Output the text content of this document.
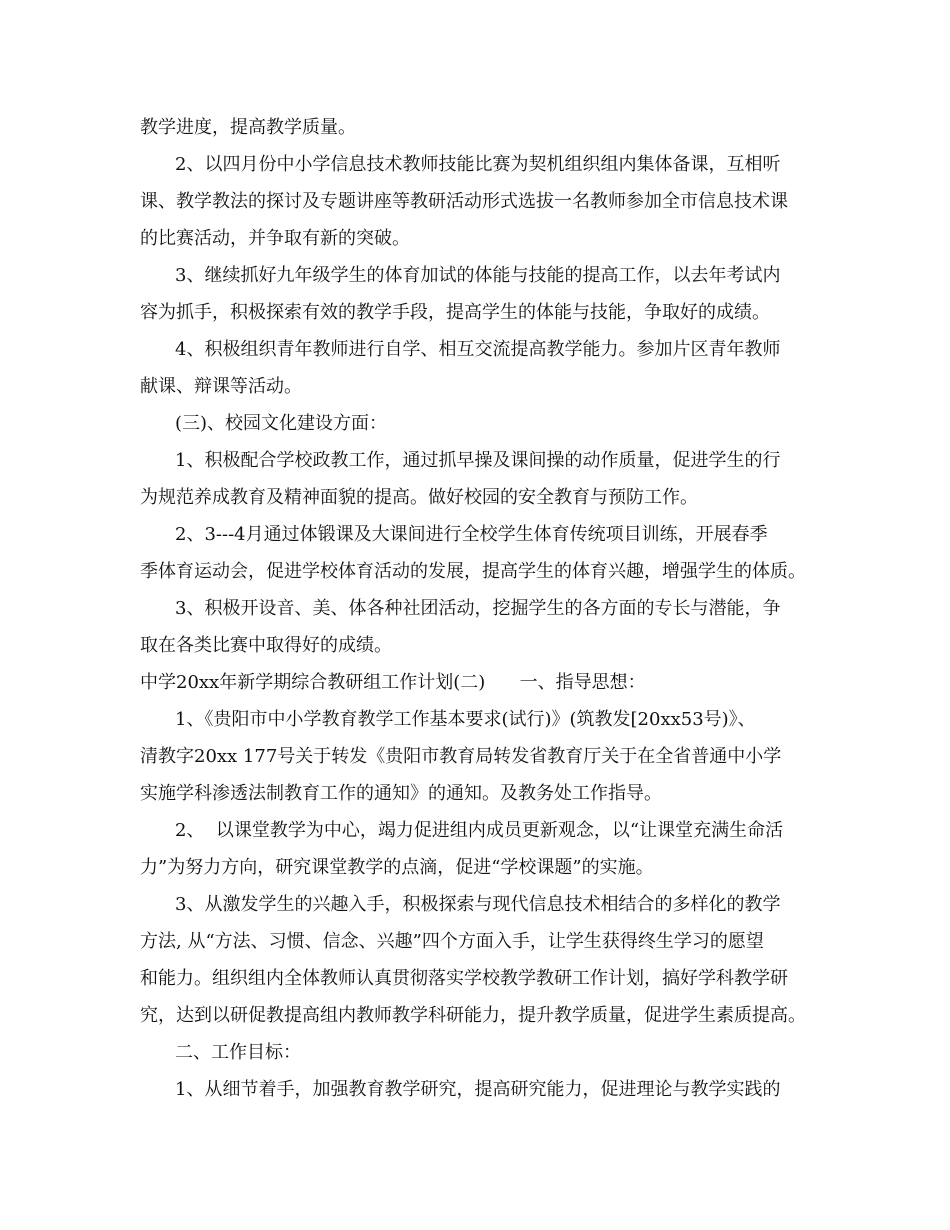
教学进度，提高教学质量。
2、以四月份中小学信息技术教师技能比赛为契机组织组内集体备课，互相听
课、教学教法的探讨及专题讲座等教研活动形式选拔一名教师参加全市信息技术课
的比赛活动，并争取有新的突破。
3、继续抓好九年级学生的体育加试的体能与技能的提高工作，以去年考试内
容为抓手，积极探索有效的教学手段，提高学生的体能与技能，争取好的成绩。
4、积极组织青年教师进行自学、相互交流提高教学能力。参加片区青年教师
献课、辩课等活动。
(三)、校园文化建设方面：
1、积极配合学校政教工作，通过抓早操及课间操的动作质量，促进学生的行
为规范养成教育及精神面貌的提高。做好校园的安全教育与预防工作。
2、3---4月通过体锻课及大课间进行全校学生体育传统项目训练，开展春季
季体育运动会，促进学校体育活动的发展，提高学生的体育兴趣，增强学生的体质。
3、积极开设音、美、体各种社团活动，挖掘学生的各方面的专长与潜能，争
取在各类比赛中取得好的成绩。
中学20xx年新学期综合教研组工作计划(二)      一、指导思想：
1、《贵阳市中小学教育教学工作基本要求(试行)》(筑教发[20xx53号)》、
清教字20xx 177号关于转发《贵阳市教育局转发省教育厅关于在全省普通中小学
实施学科渗透法制教育工作的通知》的通知。及教务处工作指导。
2、  以课堂教学为中心，竭力促进组内成员更新观念，以“让课堂充满生命活
力”为努力方向，研究课堂教学的点滴，促进“学校课题”的实施。
3、从激发学生的兴趣入手，积极探索与现代信息技术相结合的多样化的教学
方法, 从“方法、习惯、信念、兴趣”四个方面入手，让学生获得终生学习的愿望
和能力。组织组内全体教师认真贯彻落实学校教学教研工作计划，搞好学科教学研
究，达到以研促教提高组内教师教学科研能力，提升教学质量，促进学生素质提高。
二、工作目标：
1、从细节着手，加强教育教学研究，提高研究能力，促进理论与教学实践的
